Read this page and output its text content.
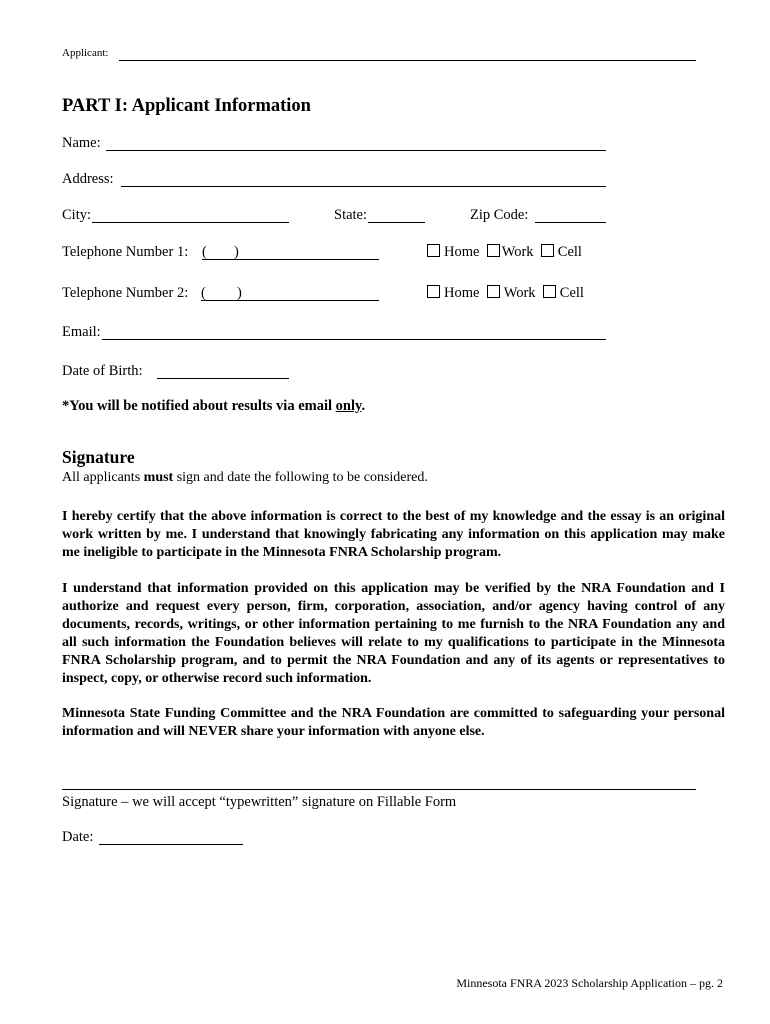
Applicant:
PART I: Applicant Information
Name:
Address:
City:	State:	Zip Code:
Telephone Number 1: ( )	Home Work Cell
Telephone Number 2: ( )	Home Work Cell
Email:
Date of Birth:
*You will be notified about results via email only.
Signature
All applicants must sign and date the following to be considered.
I hereby certify that the above information is correct to the best of my knowledge and the essay is an original work written by me. I understand that knowingly fabricating any information on this application may make me ineligible to participate in the Minnesota FNRA Scholarship program.
I understand that information provided on this application may be verified by the NRA Foundation and I authorize and request every person, firm, corporation, association, and/or agency having control of any documents, records, writings, or other information pertaining to me furnish to the NRA Foundation any and all such information the Foundation believes will relate to my qualifications to participate in the Minnesota FNRA Scholarship program, and to permit the NRA Foundation and any of its agents or representatives to inspect, copy, or otherwise record such information.
Minnesota State Funding Committee and the NRA Foundation are committed to safeguarding your personal information and will NEVER share your information with anyone else.
Signature – we will accept “typewritten” signature on Fillable Form
Date:
Minnesota FNRA 2023 Scholarship Application – pg. 2
